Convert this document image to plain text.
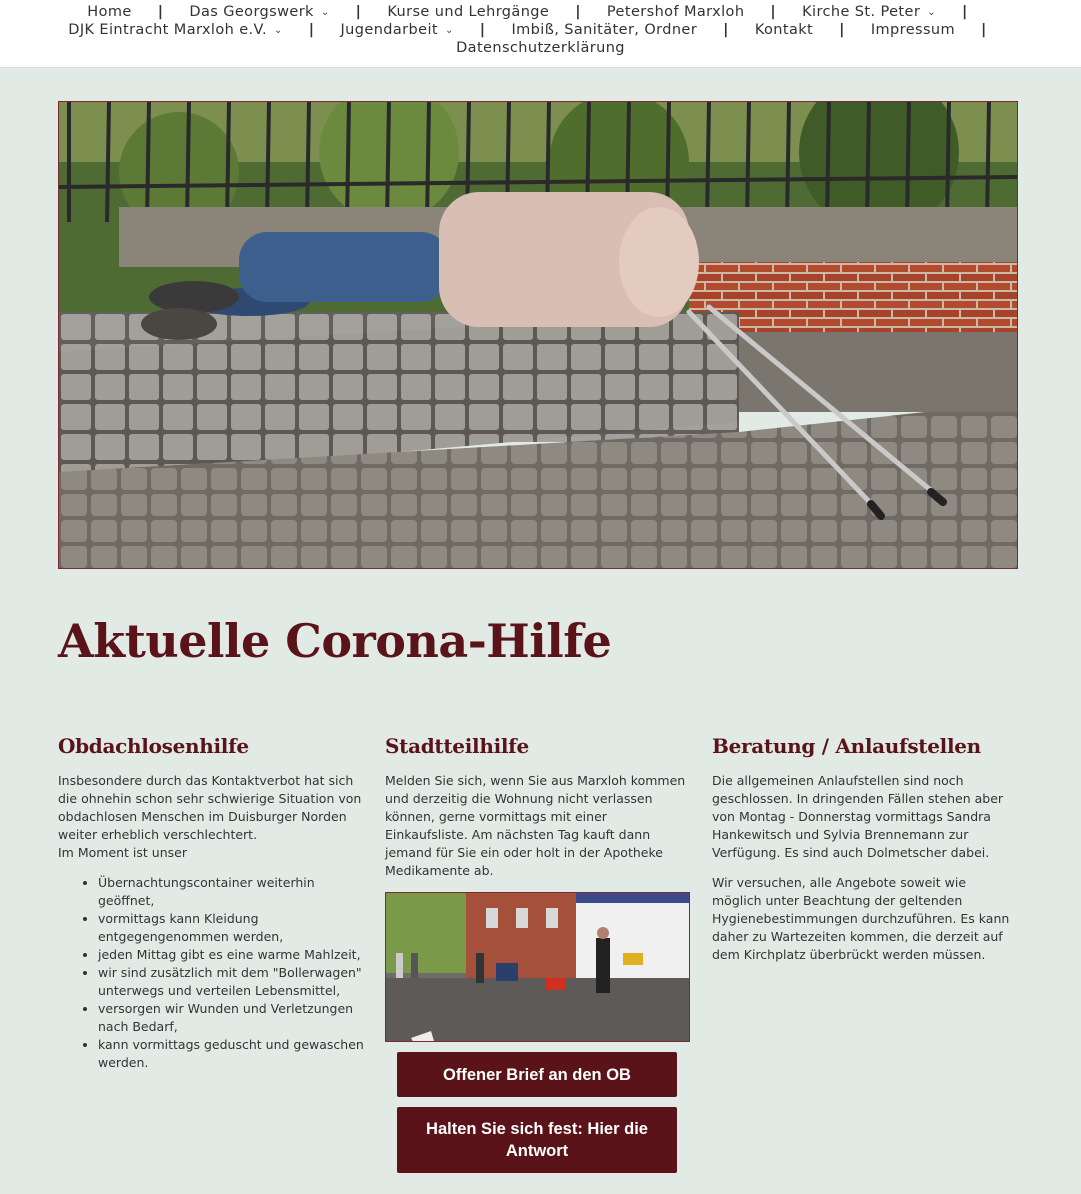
Home | Das Georgswerk ⌄ | Kurse und Lehrgänge | Petershof Marxloh | Kirche St. Peter ⌄ |
DJK Eintracht Marxloh e.V. ⌄ | Jugendarbeit ⌄ | Imbiß, Sanitäter, Ordner | Kontakt | Impressum |
Datenschutzerklärung
Aktuelle Corona-Hilfe
Obdachlosenhilfe

Insbesondere durch das Kontaktverbot hat sich die ohnehin schon sehr schwierige Situation von obdachlosen Menschen im Duisburger Norden weiter erheblich verschlechtert.
Im Moment ist unser

• Übernachtungscontainer weiterhin geöffnet,
• vormittags kann Kleidung entgegengenommen werden,
• jeden Mittag gibt es eine warme Mahlzeit,
• wir sind zusätzlich mit dem "Bollerwagen" unterwegs und verteilen Lebensmittel,
• versorgen wir Wunden und Verletzungen nach Bedarf,
• kann vormittags geduscht und gewaschen werden.
Stadtteilhilfe

Melden Sie sich, wenn Sie aus Marxloh kommen und derzeitig die Wohnung nicht verlassen können, gerne vormittags mit einer Einkaufsliste. Am nächsten Tag kauft dann jemand für Sie ein oder holt in der Apotheke Medikamente ab.

Offener Brief an den OB
Halten Sie sich fest: Hier die Antwort
Beratung / Anlaufstellen

Die allgemeinen Anlaufstellen sind noch geschlossen. In dringenden Fällen stehen aber von Montag - Donnerstag vormittags Sandra Hankewitsch und Sylvia Brennemann zur Verfügung. Es sind auch Dolmetscher dabei.

Wir versuchen, alle Angebote soweit wie möglich unter Beachtung der geltenden Hygienebestimmungen durchzuführen. Es kann daher zu Wartezeiten kommen, die derzeit auf dem Kirchplatz überbrückt werden müssen.
